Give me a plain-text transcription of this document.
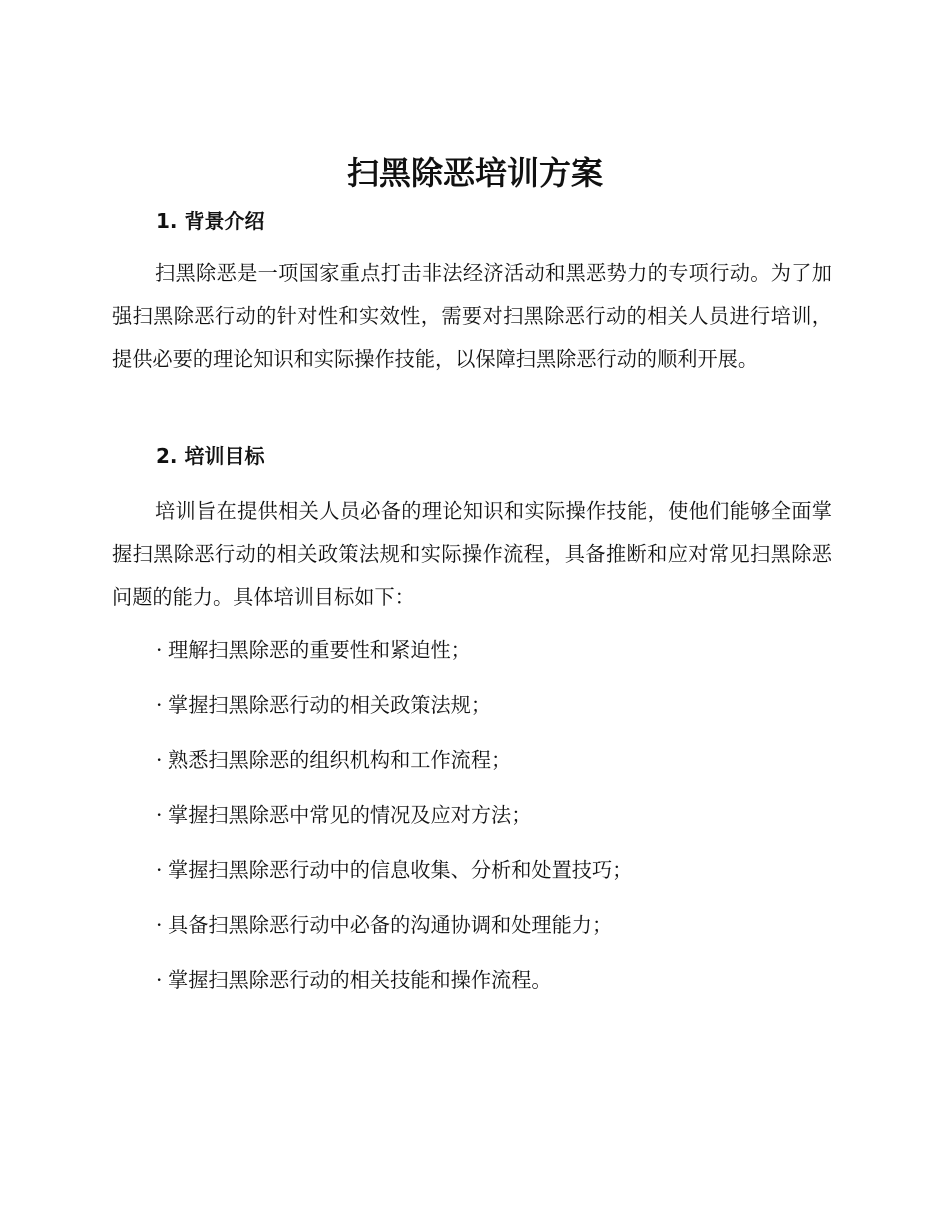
扫黑除恶培训方案
1. 背景介绍

扫黑除恶是一项国家重点打击非法经济活动和黑恶势力的专项行动。为了加强扫黑除恶行动的针对性和实效性，需要对扫黑除恶行动的相关人员进行培训，提供必要的理论知识和实际操作技能，以保障扫黑除恶行动的顺利开展。

2. 培训目标

培训旨在提供相关人员必备的理论知识和实际操作技能，使他们能够全面掌握扫黑除恶行动的相关政策法规和实际操作流程，具备推断和应对常见扫黑除恶问题的能力。具体培训目标如下：

· 理解扫黑除恶的重要性和紧迫性；
· 掌握扫黑除恶行动的相关政策法规；
· 熟悉扫黑除恶的组织机构和工作流程；
· 掌握扫黑除恶中常见的情况及应对方法；
· 掌握扫黑除恶行动中的信息收集、分析和处置技巧；
· 具备扫黑除恶行动中必备的沟通协调和处理能力；
· 掌握扫黑除恶行动的相关技能和操作流程。
